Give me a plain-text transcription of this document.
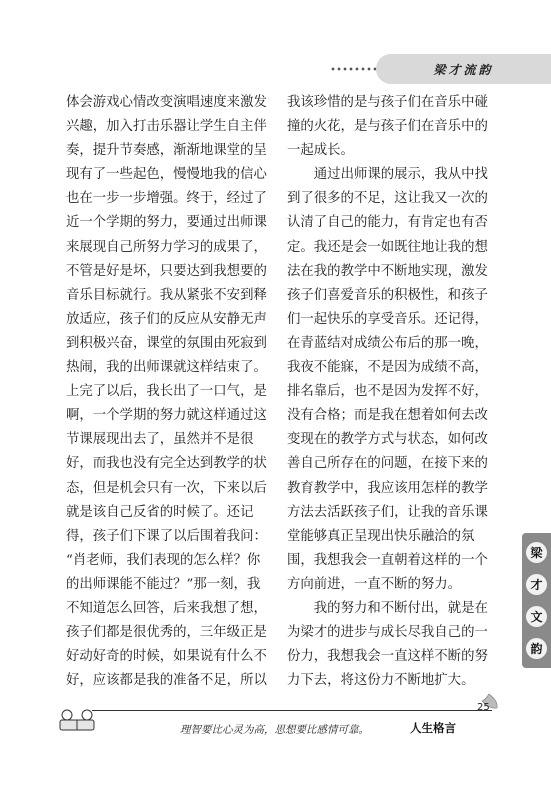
梁才流韵

体会游戏心情改变演唱速度来激发
兴趣，加入打击乐器让学生自主伴
奏，提升节奏感，渐渐地课堂的呈
现有了一些起色，慢慢地我的信心
也在一步一步增强。终于，经过了
近一个学期的努力，要通过出师课
来展现自己所努力学习的成果了，
不管是好是坏，只要达到我想要的
音乐目标就行。我从紧张不安到释
放适应，孩子们的反应从安静无声
到积极兴奋，课堂的氛围由死寂到
热闹，我的出师课就这样结束了。
上完了以后，我长出了一口气，是
啊，一个学期的努力就这样通过这
节课展现出去了，虽然并不是很
好，而我也没有完全达到教学的状
态，但是机会只有一次，下来以后
就是该自己反省的时候了。还记
得，孩子们下课了以后围着我问：
“肖老师，我们表现的怎么样？你
的出师课能不能过？”那一刻，我
不知道怎么回答，后来我想了想，
孩子们都是很优秀的，三年级正是
好动好奇的时候，如果说有什么不
好，应该都是我的准备不足，所以

我该珍惜的是与孩子们在音乐中碰
撞的火花，是与孩子们在音乐中的
一起成长。

通过出师课的展示，我从中找
到了很多的不足，这让我又一次的
认清了自己的能力，有肯定也有否
定。我还是会一如既往地让我的想
法在我的教学中不断地实现，激发
孩子们喜爱音乐的积极性，和孩子
们一起快乐的享受音乐。还记得，
在青蓝结对成绩公布后的那一晚，
我夜不能寐，不是因为成绩不高，
排名靠后，也不是因为发挥不好，
没有合格；而是我在想着如何去改
变现在的教学方式与状态，如何改
善自己所存在的问题，在接下来的
教育教学中，我应该用怎样的教学
方法去活跃孩子们，让我的音乐课
堂能够真正呈现出快乐融洽的氛
围，我想我会一直朝着这样的一个
方向前进，一直不断的努力。

我的努力和不断付出，就是在
为梁才的进步与成长尽我自己的一
份力，我想我会一直这样不断的努
力下去，将这份力不断地扩大。

梁
才
文
韵
25
理智要比心灵为高，思想要比感情可靠。	人生格言
